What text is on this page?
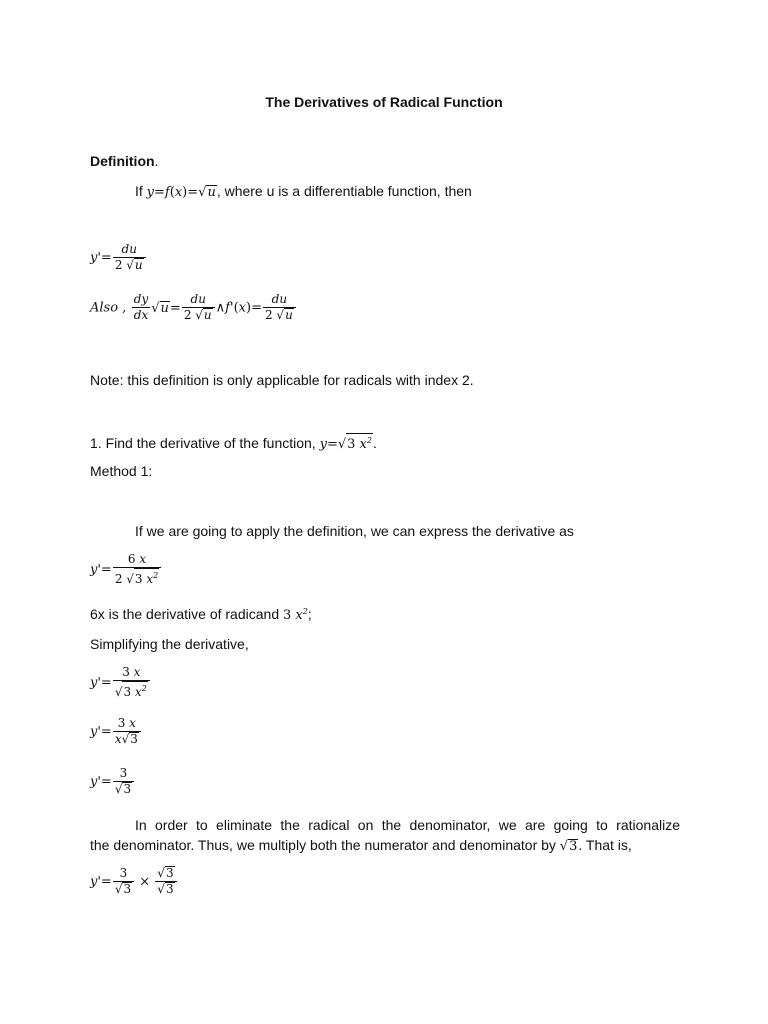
The Derivatives of Radical Function
Definition.
If y=f(x)=√u, where u is a differentiable function, then
$y'= \frac{du}{2 √u}$
Also , $\frac{dy}{dx} √u= \frac{du}{2 √u}$ ∧f'(x)= $\frac{du}{2 √u}$
Note: this definition is only applicable for radicals with index 2.
1. Find the derivative of the function, y=√3 $x^2$.
Method 1:
If we are going to apply the definition, we can express the derivative as
$y'= \frac{6 x}{2 √3 x^2}$
6x is the derivative of radicand 3 $x^2$;
Simplifying the derivative,
$y'= \frac{3 x}{√3 x^2}$
$y'= \frac{3 x}{x√3}$
$y'= \frac{3}{√3}$
In order to eliminate the radical on the denominator, we are going to rationalize
the denominator. Thus, we multiply both the numerator and denominator by √3. That is,
$y'= \frac{3}{√3} \times \frac{√3}{√3}$
